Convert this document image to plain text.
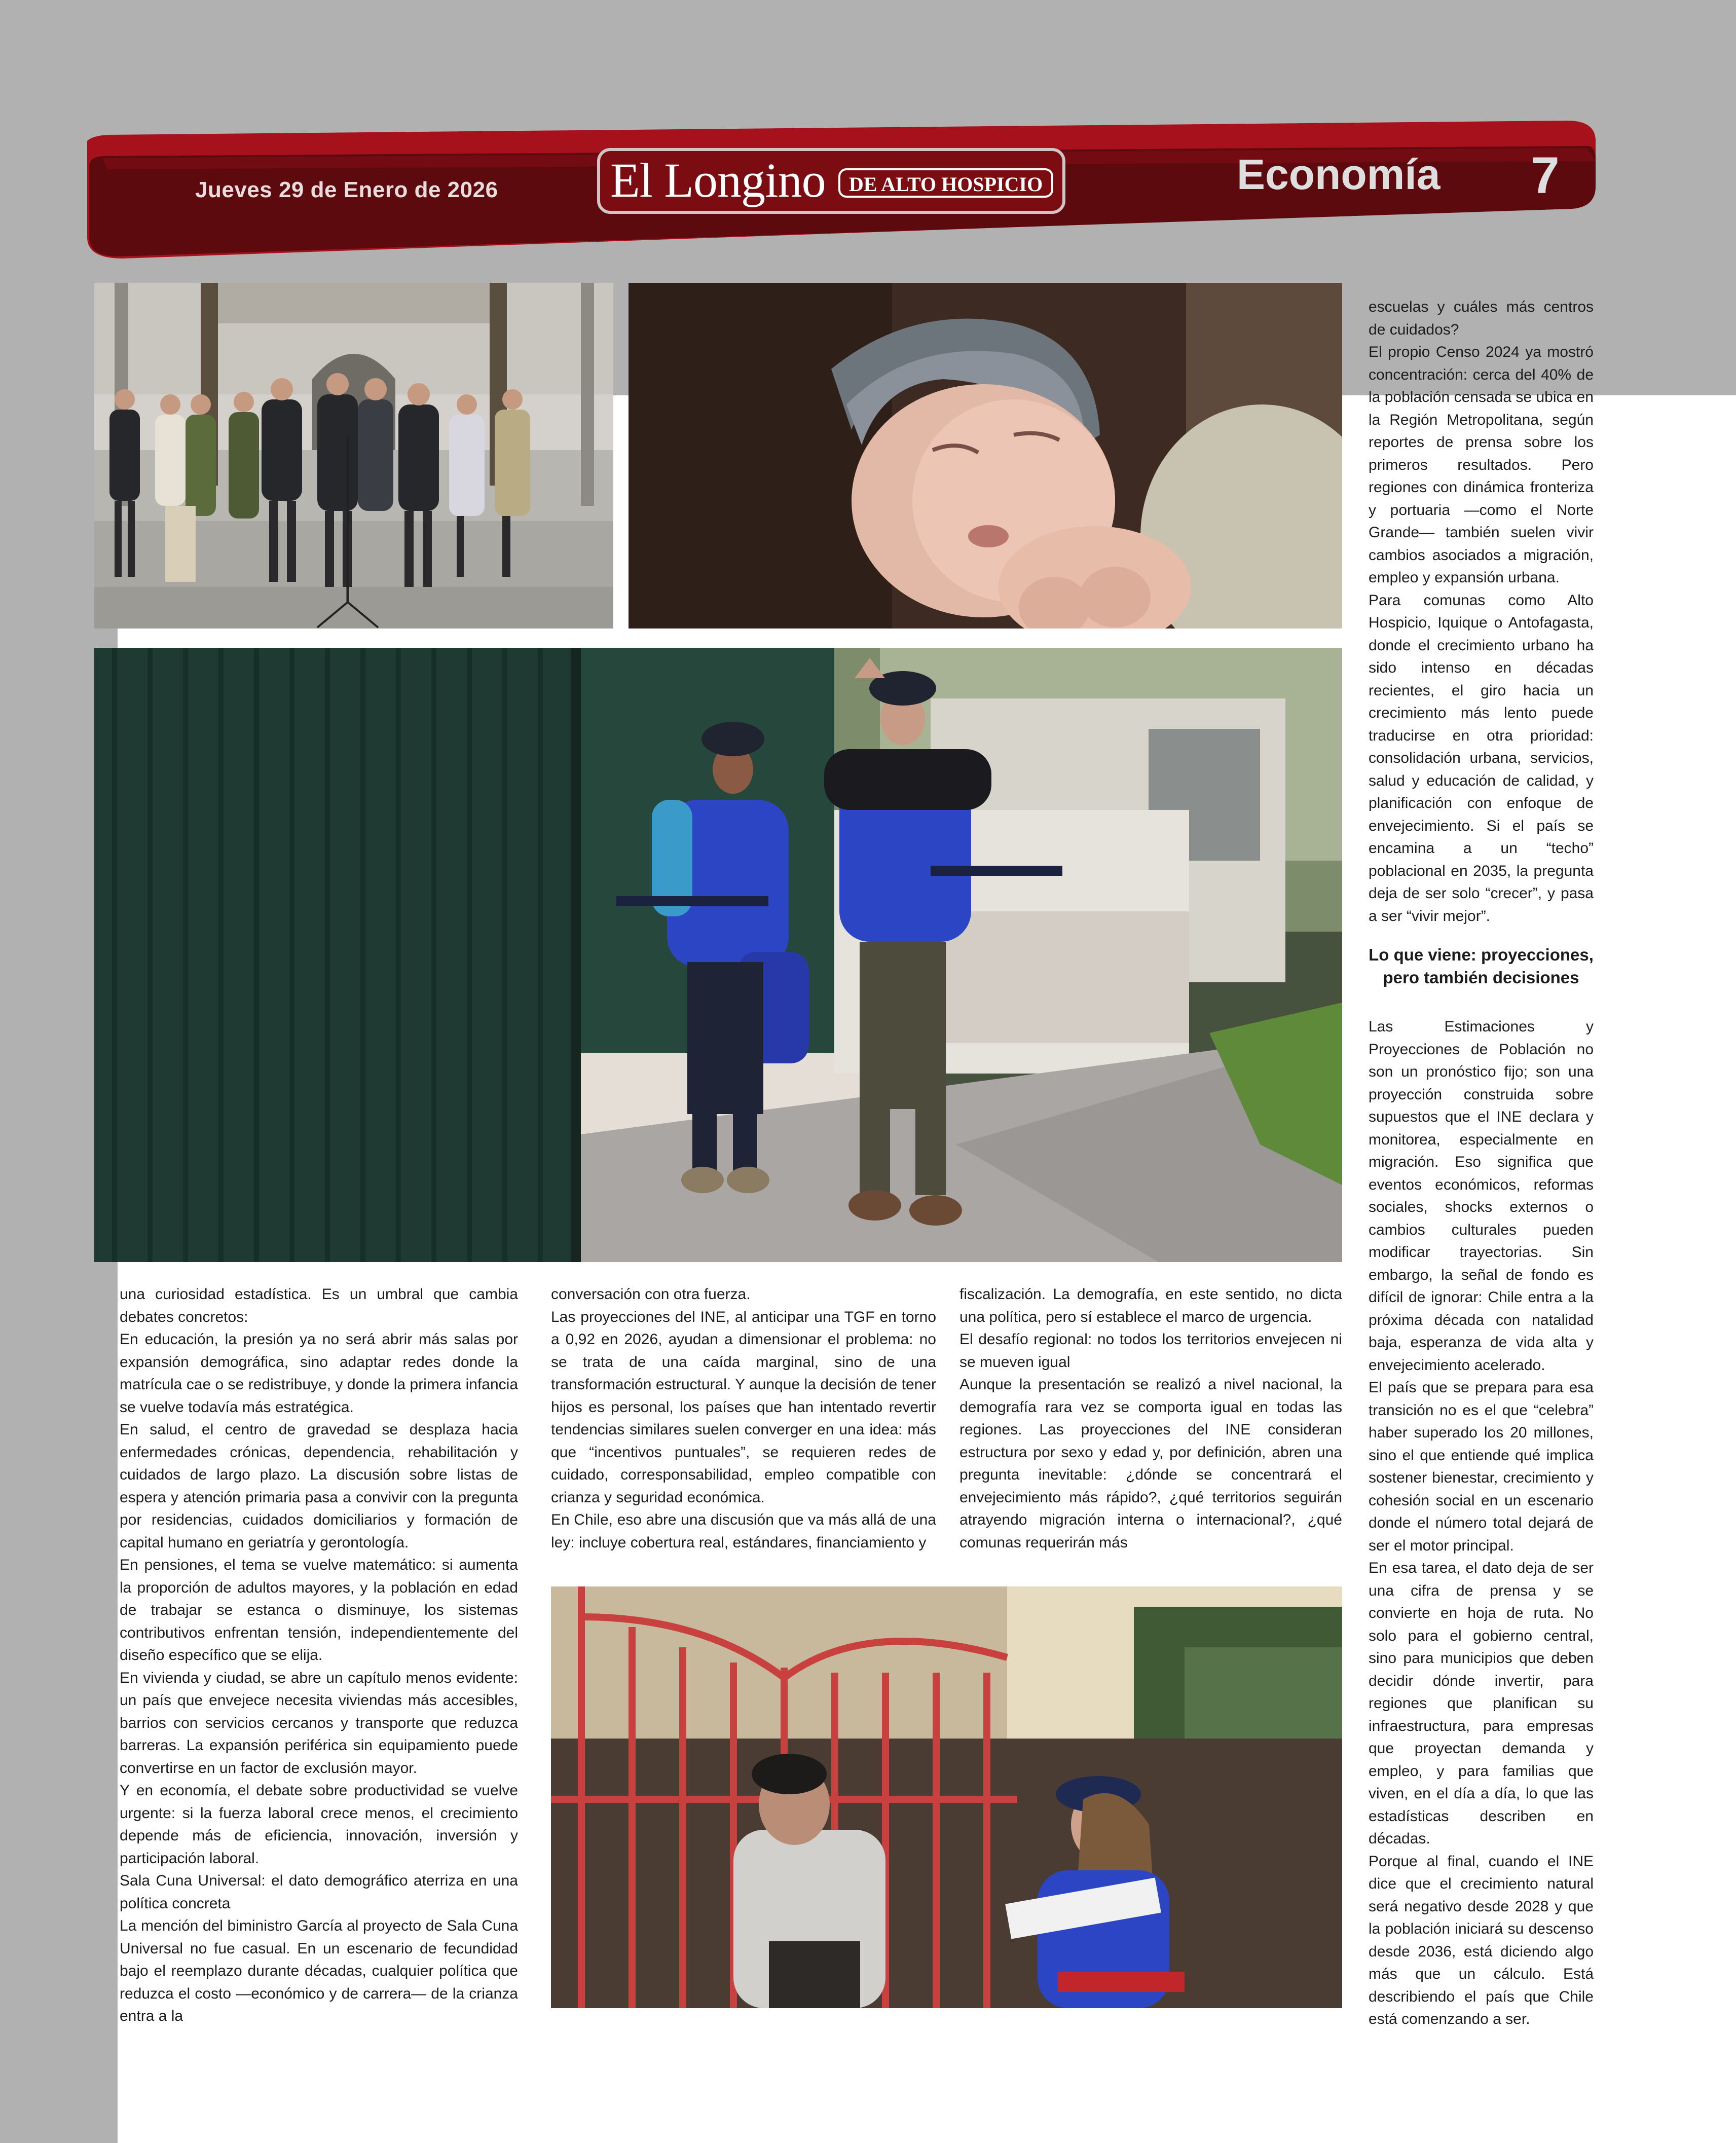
Jueves 29 de Enero de 2026 El Longino	DE ALTO HOSPICIO	Economía 7

una curiosidad estadística. Es un umbral que cambia debates concretos:

En educación, la presión ya no será abrir más salas por expansión demográfica, sino adaptar redes donde la matrícula cae o se redistribuye, y donde la primera infancia se vuelve todavía más estratégica.

En salud, el centro de gravedad se desplaza hacia enfermedades crónicas, dependencia, rehabilitación y cuidados de largo plazo. La discusión sobre listas de espera y atención primaria pasa a convivir con la pregunta por residencias, cuidados domiciliarios y formación de capital humano en geriatría y gerontología.

En pensiones, el tema se vuelve matemático: si aumenta la proporción de adultos mayores, y la población en edad de trabajar se estanca o disminuye, los sistemas contributivos enfrentan tensión, independientemente del diseño específico que se elija.

En vivienda y ciudad, se abre un capítulo menos evidente: un país que envejece necesita viviendas más accesibles, barrios con servicios cercanos y transporte que reduzca barreras. La expansión periférica sin equipamiento puede convertirse en un factor de exclusión mayor.

Y en economía, el debate sobre productividad se vuelve urgente: si la fuerza laboral crece menos, el crecimiento depende más de eficiencia, innovación, inversión y participación laboral.

Sala Cuna Universal: el dato demográfico aterriza en una política concreta

La mención del biministro García al proyecto de Sala Cuna Universal no fue casual. En un escenario de fecundidad bajo el reemplazo durante décadas, cualquier política que reduzca el costo —económico y de carrera— de la crianza entra a la

conversación con otra fuerza.

Las proyecciones del INE, al anticipar una TGF en torno a 0,92 en 2026, ayudan a dimensionar el problema: no se trata de una caída marginal, sino de una transformación estructural. Y aunque la decisión de tener hijos es personal, los países que han intentado revertir tendencias similares suelen converger en una idea: más que “incentivos puntuales”, se requieren redes de cuidado, corresponsabilidad, empleo compatible con crianza y seguridad económica.

En Chile, eso abre una discusión que va más allá de una ley: incluye cobertura real, estándares, financiamiento y

fiscalización. La demografía, en este sentido, no dicta una política, pero sí establece el marco de urgencia.

El desafío regional: no todos los territorios envejecen ni se mueven igual

Aunque la presentación se realizó a nivel nacional, la demografía rara vez se comporta igual en todas las regiones. Las proyecciones del INE consideran estructura por sexo y edad y, por definición, abren una pregunta inevitable: ¿dónde se concentrará el envejecimiento más rápido?, ¿qué territorios seguirán atrayendo migración interna o internacional?, ¿qué comunas requerirán más

escuelas y cuáles más centros de cuidados?

El propio Censo 2024 ya mostró concentración: cerca del 40% de la población censada se ubica en la Región Metropolitana, según reportes de prensa sobre los primeros resultados. Pero regiones con dinámica fronteriza y portuaria —como el Norte Grande— también suelen vivir cambios asociados a migración, empleo y expansión urbana.

Para comunas como Alto Hospicio, Iquique o Antofagasta, donde el crecimiento urbano ha sido intenso en décadas recientes, el giro hacia un crecimiento más lento puede traducirse en otra prioridad: consolidación urbana, servicios, salud y educación de calidad, y planificación con enfoque de envejecimiento. Si el país se encamina a un “techo” poblacional en 2035, la pregunta deja de ser solo “crecer”, y pasa a ser “vivir mejor”.

Lo que viene: proyecciones, pero también decisiones

Las Estimaciones y Proyecciones de Población no son un pronóstico fijo; son una proyección construida sobre supuestos que el INE declara y monitorea, especialmente en migración. Eso significa que eventos económicos, reformas sociales, shocks externos o cambios culturales pueden modificar trayectorias. Sin embargo, la señal de fondo es difícil de ignorar: Chile entra a la próxima década con natalidad baja, esperanza de vida alta y envejecimiento acelerado.

El país que se prepara para esa transición no es el que “celebra” haber superado los 20 millones, sino el que entiende qué implica sostener bienestar, crecimiento y cohesión social en un escenario donde el número total dejará de ser el motor principal.

En esa tarea, el dato deja de ser una cifra de prensa y se convierte en hoja de ruta. No solo para el gobierno central, sino para municipios que deben decidir dónde invertir, para regiones que planifican su infraestructura, para empresas que proyectan demanda y empleo, y para familias que viven, en el día a día, lo que las estadísticas describen en décadas.

Porque al final, cuando el INE dice que el crecimiento natural será negativo desde 2028 y que la población iniciará su descenso desde 2036, está diciendo algo más que un cálculo. Está describiendo el país que Chile está comenzando a ser.
